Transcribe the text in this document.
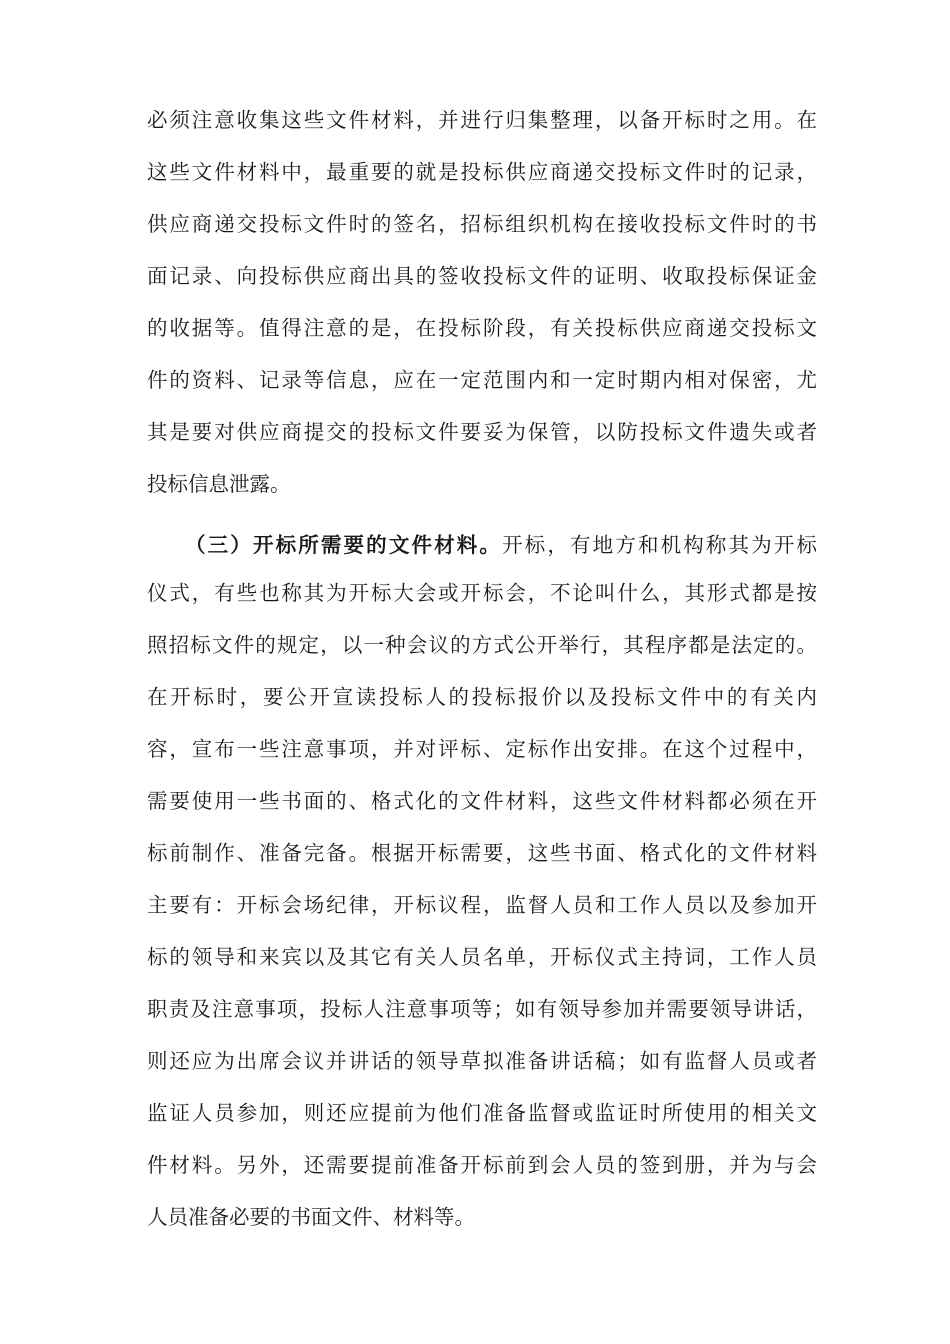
必须注意收集这些文件材料，并进行归集整理，以备开标时之用。在
这些文件材料中，最重要的就是投标供应商递交投标文件时的记录，
供应商递交投标文件时的签名，招标组织机构在接收投标文件时的书
面记录、向投标供应商出具的签收投标文件的证明、收取投标保证金
的收据等。值得注意的是，在投标阶段，有关投标供应商递交投标文
件的资料、记录等信息，应在一定范围内和一定时期内相对保密，尤
其是要对供应商提交的投标文件要妥为保管，以防投标文件遗失或者
投标信息泄露。
（三）开标所需要的文件材料。开标，有地方和机构称其为开标
仪式，有些也称其为开标大会或开标会，不论叫什么，其形式都是按
照招标文件的规定，以一种会议的方式公开举行，其程序都是法定的。
在开标时，要公开宣读投标人的投标报价以及投标文件中的有关内
容，宣布一些注意事项，并对评标、定标作出安排。在这个过程中，
需要使用一些书面的、格式化的文件材料，这些文件材料都必须在开
标前制作、准备完备。根据开标需要，这些书面、格式化的文件材料
主要有：开标会场纪律，开标议程，监督人员和工作人员以及参加开
标的领导和来宾以及其它有关人员名单，开标仪式主持词，工作人员
职责及注意事项，投标人注意事项等；如有领导参加并需要领导讲话，
则还应为出席会议并讲话的领导草拟准备讲话稿；如有监督人员或者
监证人员参加，则还应提前为他们准备监督或监证时所使用的相关文
件材料。另外，还需要提前准备开标前到会人员的签到册，并为与会
人员准备必要的书面文件、材料等。
